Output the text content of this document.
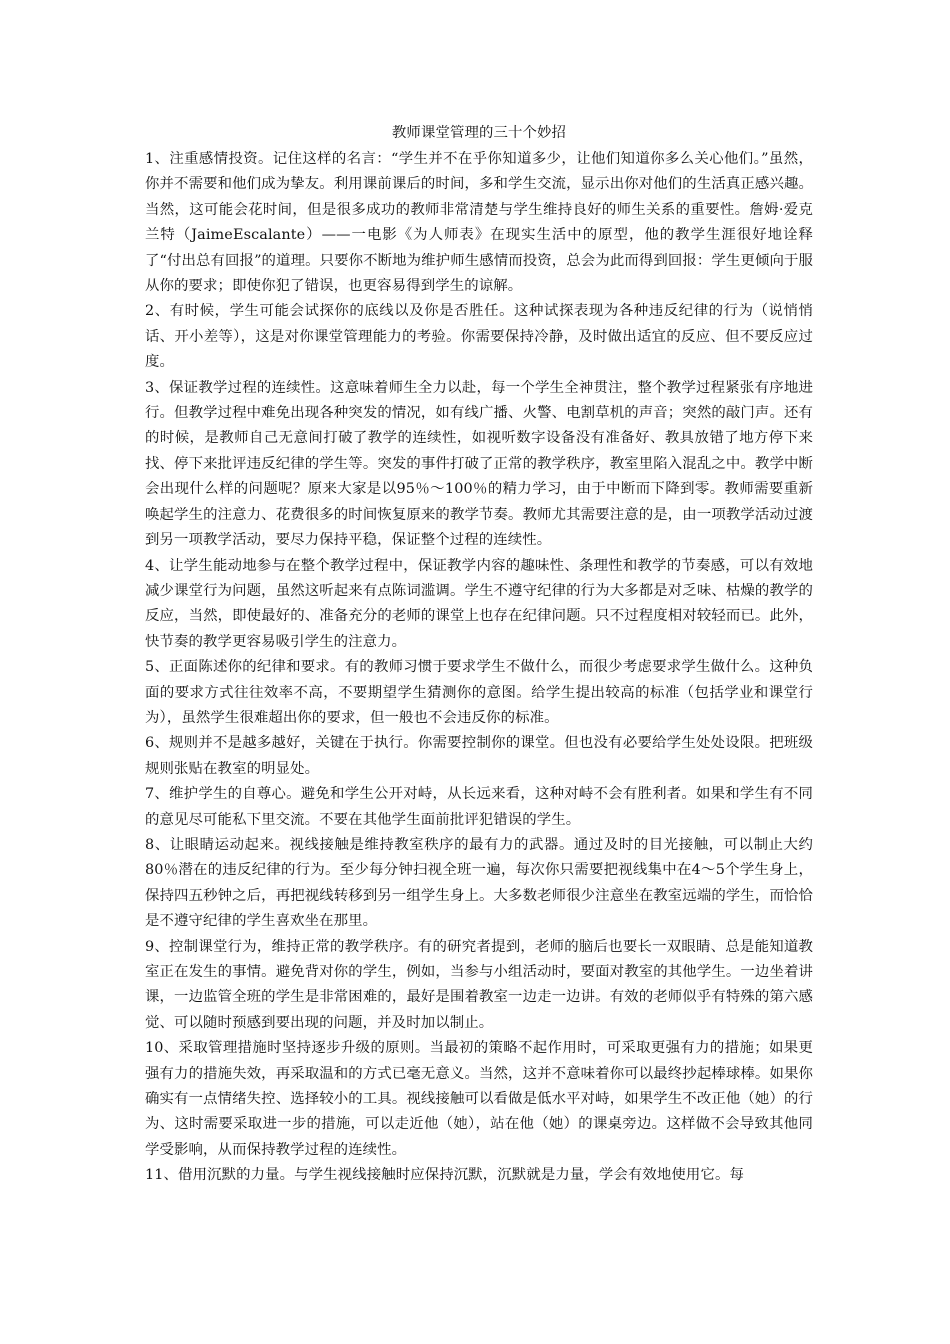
教师课堂管理的三十个妙招

1、注重感情投资。记住这样的名言：“学生并不在乎你知道多少，让他们知道你多么关心他们。”虽然，你并不需要和他们成为挚友。利用课前课后的时间，多和学生交流，显示出你对他们的生活真正感兴趣。当然，这可能会花时间，但是很多成功的教师非常清楚与学生维持良好的师生关系的重要性。詹姆·爱克兰特（JaimeEscalante）——一电影《为人师表》在现实生活中的原型，他的教学生涯很好地诠释了“付出总有回报”的道理。只要你不断地为维护师生感情而投资，总会为此而得到回报：学生更倾向于服从你的要求；即使你犯了错误，也更容易得到学生的谅解。

2、有时候，学生可能会试探你的底线以及你是否胜任。这种试探表现为各种违反纪律的行为（说悄悄话、开小差等），这是对你课堂管理能力的考验。你需要保持冷静，及时做出适宜的反应、但不要反应过度。

3、保证教学过程的连续性。这意味着师生全力以赴，每一个学生全神贯注，整个教学过程紧张有序地进行。但教学过程中难免出现各种突发的情况，如有线广播、火警、电割草机的声音；突然的敲门声。还有的时候，是教师自己无意间打破了教学的连续性，如视听数字设备没有准备好、教具放错了地方停下来找、停下来批评违反纪律的学生等。突发的事件打破了正常的教学秩序，教室里陷入混乱之中。教学中断会出现什么样的问题呢？原来大家是以95％～100％的精力学习，由于中断而下降到零。教师需要重新唤起学生的注意力、花费很多的时间恢复原来的教学节奏。教师尤其需要注意的是，由一项教学活动过渡到另一项教学活动，要尽力保持平稳，保证整个过程的连续性。

4、让学生能动地参与在整个教学过程中，保证教学内容的趣味性、条理性和教学的节奏感，可以有效地减少课堂行为问题，虽然这听起来有点陈词滥调。学生不遵守纪律的行为大多都是对乏味、枯燥的教学的反应，当然，即使最好的、准备充分的老师的课堂上也存在纪律问题。只不过程度相对较轻而已。此外，快节奏的教学更容易吸引学生的注意力。

5、正面陈述你的纪律和要求。有的教师习惯于要求学生不做什么，而很少考虑要求学生做什么。这种负面的要求方式往往效率不高，不要期望学生猜测你的意图。给学生提出较高的标准（包括学业和课堂行为），虽然学生很难超出你的要求，但一般也不会违反你的标准。

6、规则并不是越多越好，关键在于执行。你需要控制你的课堂。但也没有必要给学生处处设限。把班级规则张贴在教室的明显处。

7、维护学生的自尊心。避免和学生公开对峙，从长远来看，这种对峙不会有胜利者。如果和学生有不同的意见尽可能私下里交流。不要在其他学生面前批评犯错误的学生。

8、让眼睛运动起来。视线接触是维持教室秩序的最有力的武器。通过及时的目光接触，可以制止大约80％潜在的违反纪律的行为。至少每分钟扫视全班一遍，每次你只需要把视线集中在4～5个学生身上，保持四五秒钟之后，再把视线转移到另一组学生身上。大多数老师很少注意坐在教室远端的学生，而恰恰是不遵守纪律的学生喜欢坐在那里。

9、控制课堂行为，维持正常的教学秩序。有的研究者提到，老师的脑后也要长一双眼睛、总是能知道教室正在发生的事情。避免背对你的学生，例如，当参与小组活动时，要面对教室的其他学生。一边坐着讲课，一边监管全班的学生是非常困难的，最好是围着教室一边走一边讲。有效的老师似乎有特殊的第六感觉、可以随时预感到要出现的问题，并及时加以制止。

10、采取管理措施时坚持逐步升级的原则。当最初的策略不起作用时，可采取更强有力的措施；如果更强有力的措施失效，再采取温和的方式已毫无意义。当然，这并不意味着你可以最终抄起棒球棒。如果你确实有一点情绪失控、选择较小的工具。视线接触可以看做是低水平对峙，如果学生不改正他（她）的行为、这时需要采取进一步的措施，可以走近他（她），站在他（她）的课桌旁边。这样做不会导致其他同学受影响，从而保持教学过程的连续性。

11、借用沉默的力量。与学生视线接触时应保持沉默，沉默就是力量，学会有效地使用它。每
